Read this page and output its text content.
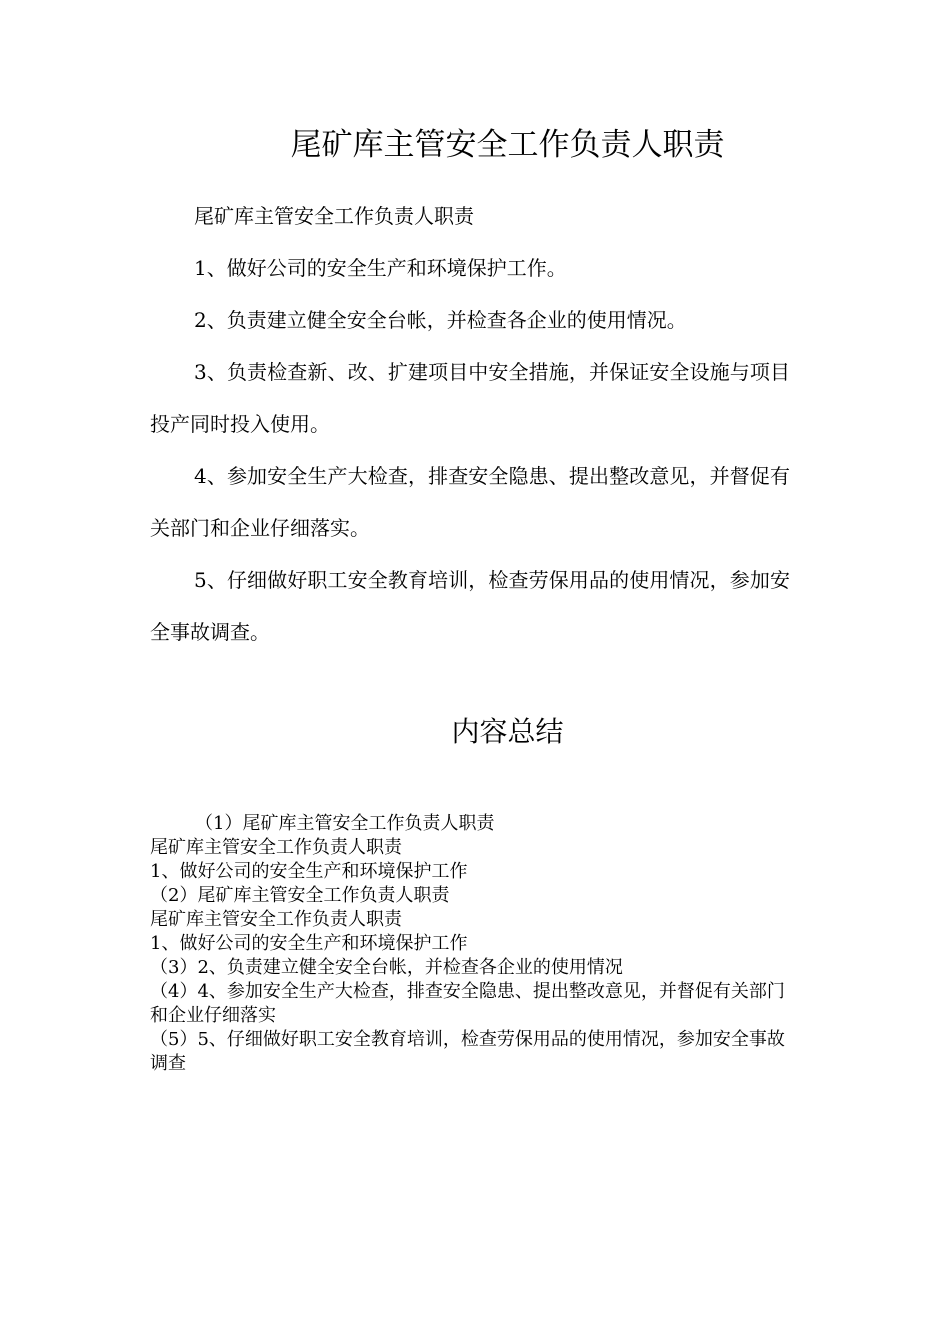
尾矿库主管安全工作负责人职责

尾矿库主管安全工作负责人职责

1、做好公司的安全生产和环境保护工作。

2、负责建立健全安全台帐，并检查各企业的使用情况。

3、负责检查新、改、扩建项目中安全措施，并保证安全设施与项目投产同时投入使用。

4、参加安全生产大检查，排查安全隐患、提出整改意见，并督促有关部门和企业仔细落实。

5、仔细做好职工安全教育培训，检查劳保用品的使用情况，参加安全事故调查。

内容总结

（1）尾矿库主管安全工作负责人职责

尾矿库主管安全工作负责人职责

1、做好公司的安全生产和环境保护工作

（2）尾矿库主管安全工作负责人职责

尾矿库主管安全工作负责人职责

1、做好公司的安全生产和环境保护工作

（3）2、负责建立健全安全台帐，并检查各企业的使用情况

（4）4、参加安全生产大检查，排查安全隐患、提出整改意见，并督促有关部门和企业仔细落实

（5）5、仔细做好职工安全教育培训，检查劳保用品的使用情况，参加安全事故调查
